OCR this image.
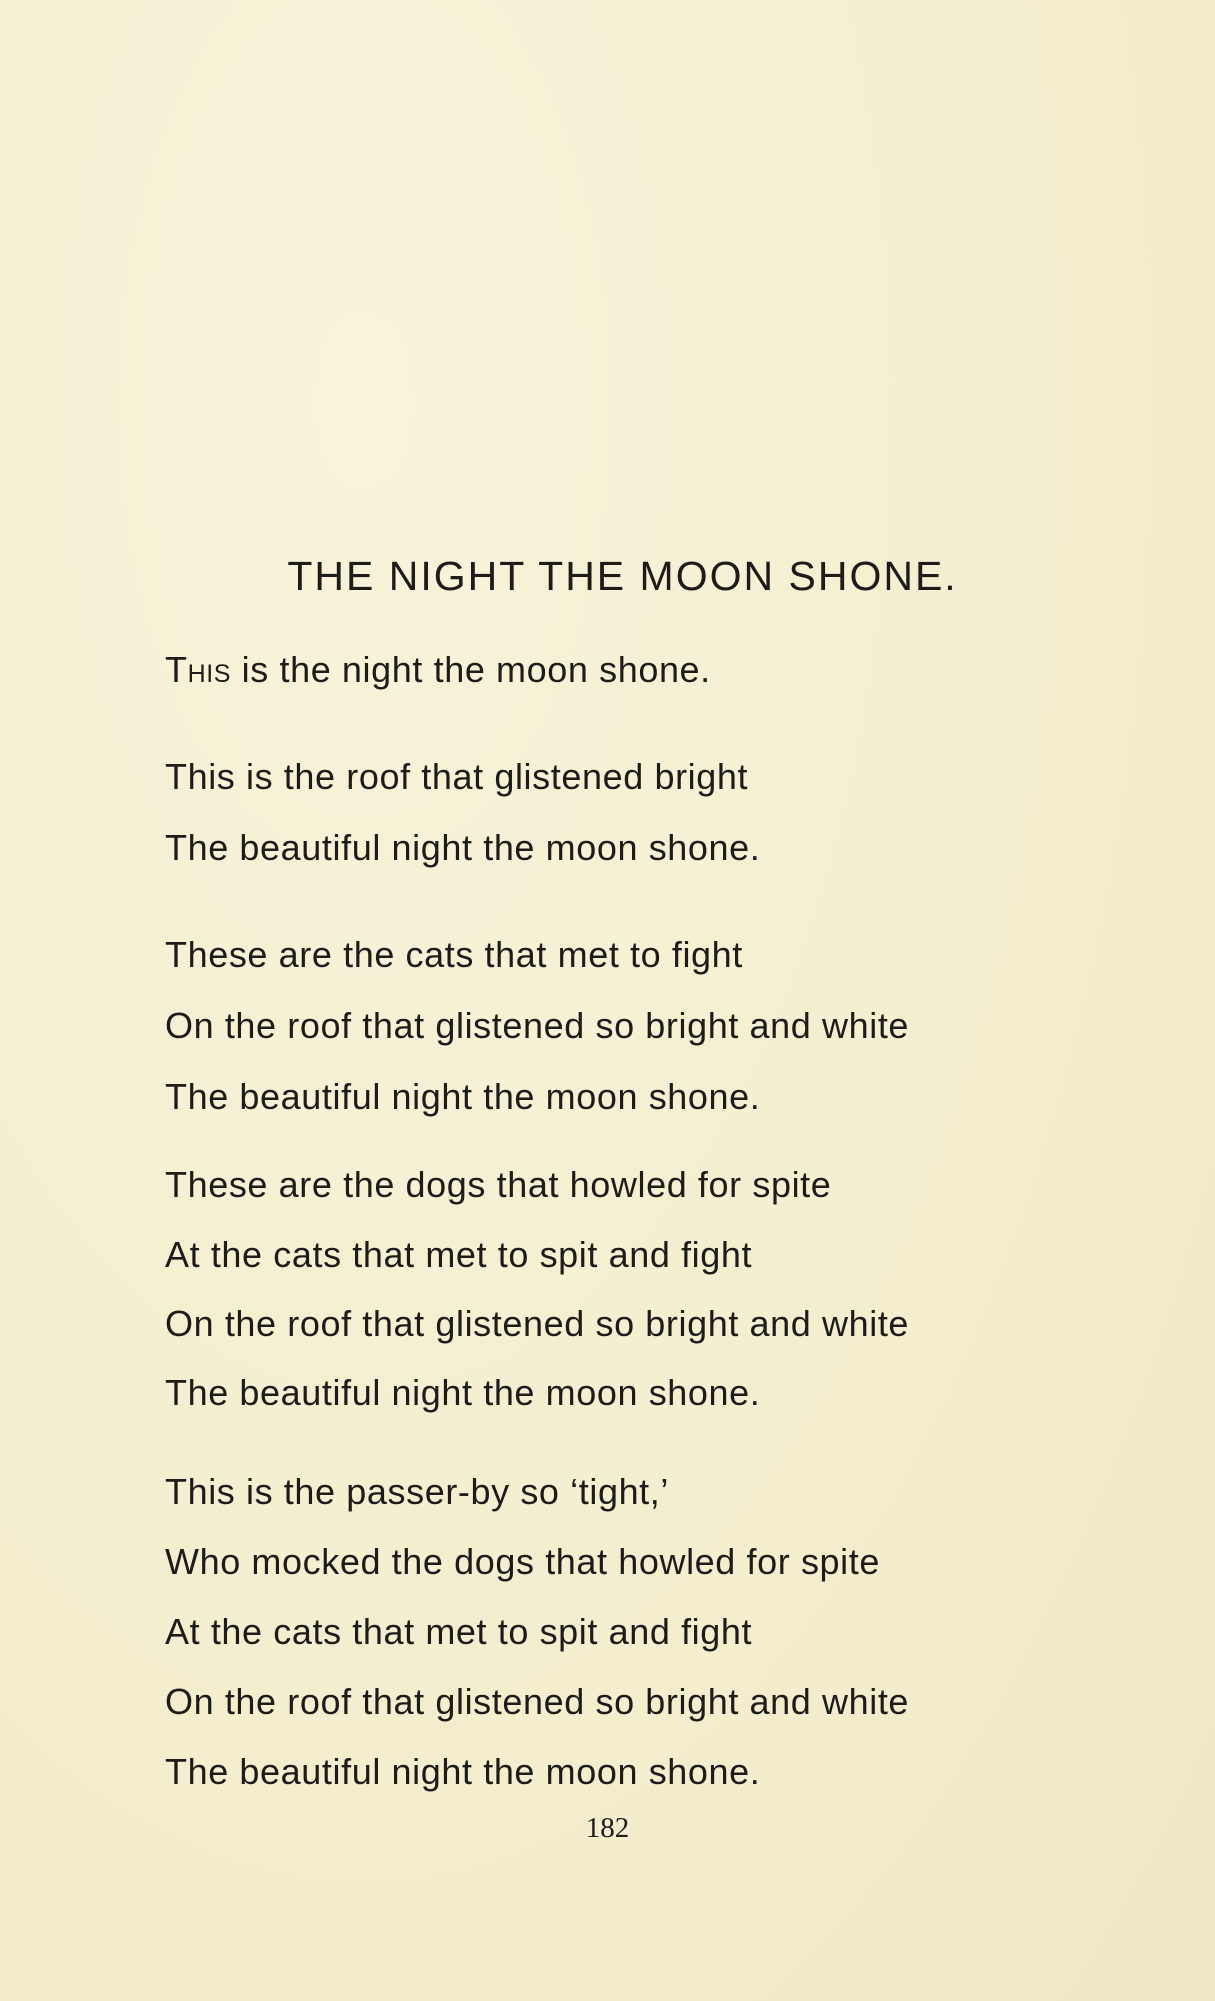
THE NIGHT THE MOON SHONE.
This is the night the moon shone.
This is the roof that glistened bright
The beautiful night the moon shone.
These are the cats that met to fight
On the roof that glistened so bright and white
The beautiful night the moon shone.
These are the dogs that howled for spite
At the cats that met to spit and fight
On the roof that glistened so bright and white
The beautiful night the moon shone.
This is the passer-by so ‘tight,’
Who mocked the dogs that howled for spite
At the cats that met to spit and fight
On the roof that glistened so bright and white
The beautiful night the moon shone.
182
